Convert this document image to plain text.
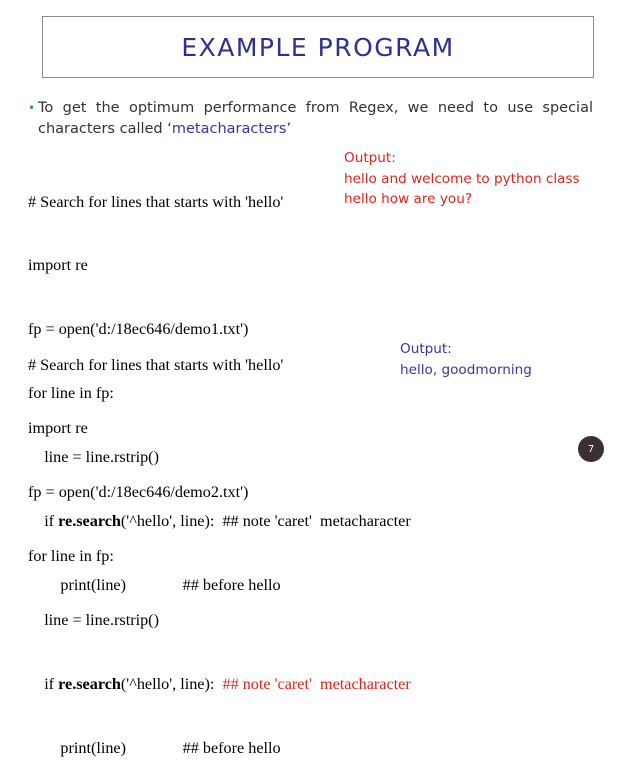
EXAMPLE PROGRAM
• To get the optimum performance from Regex, we need to use special
characters called ‘metacharacters’

# Search for lines that starts with 'hello'

import re

fp = open('d:/18ec646/demo1.txt')

for line in fp:

line = line.rstrip()

if re.search('^hello', line):  ## note 'caret'  metacharacter

print(line)              ## before hello

Output:
hello and welcome to python class
hello how are you?

# Search for lines that starts with 'hello'

import re

fp = open('d:/18ec646/demo2.txt')

for line in fp:

line = line.rstrip()

if re.search('^hello', line):  ## note 'caret'  metacharacter

print(line)              ## before hello

Output:
hello, goodmorning
7
